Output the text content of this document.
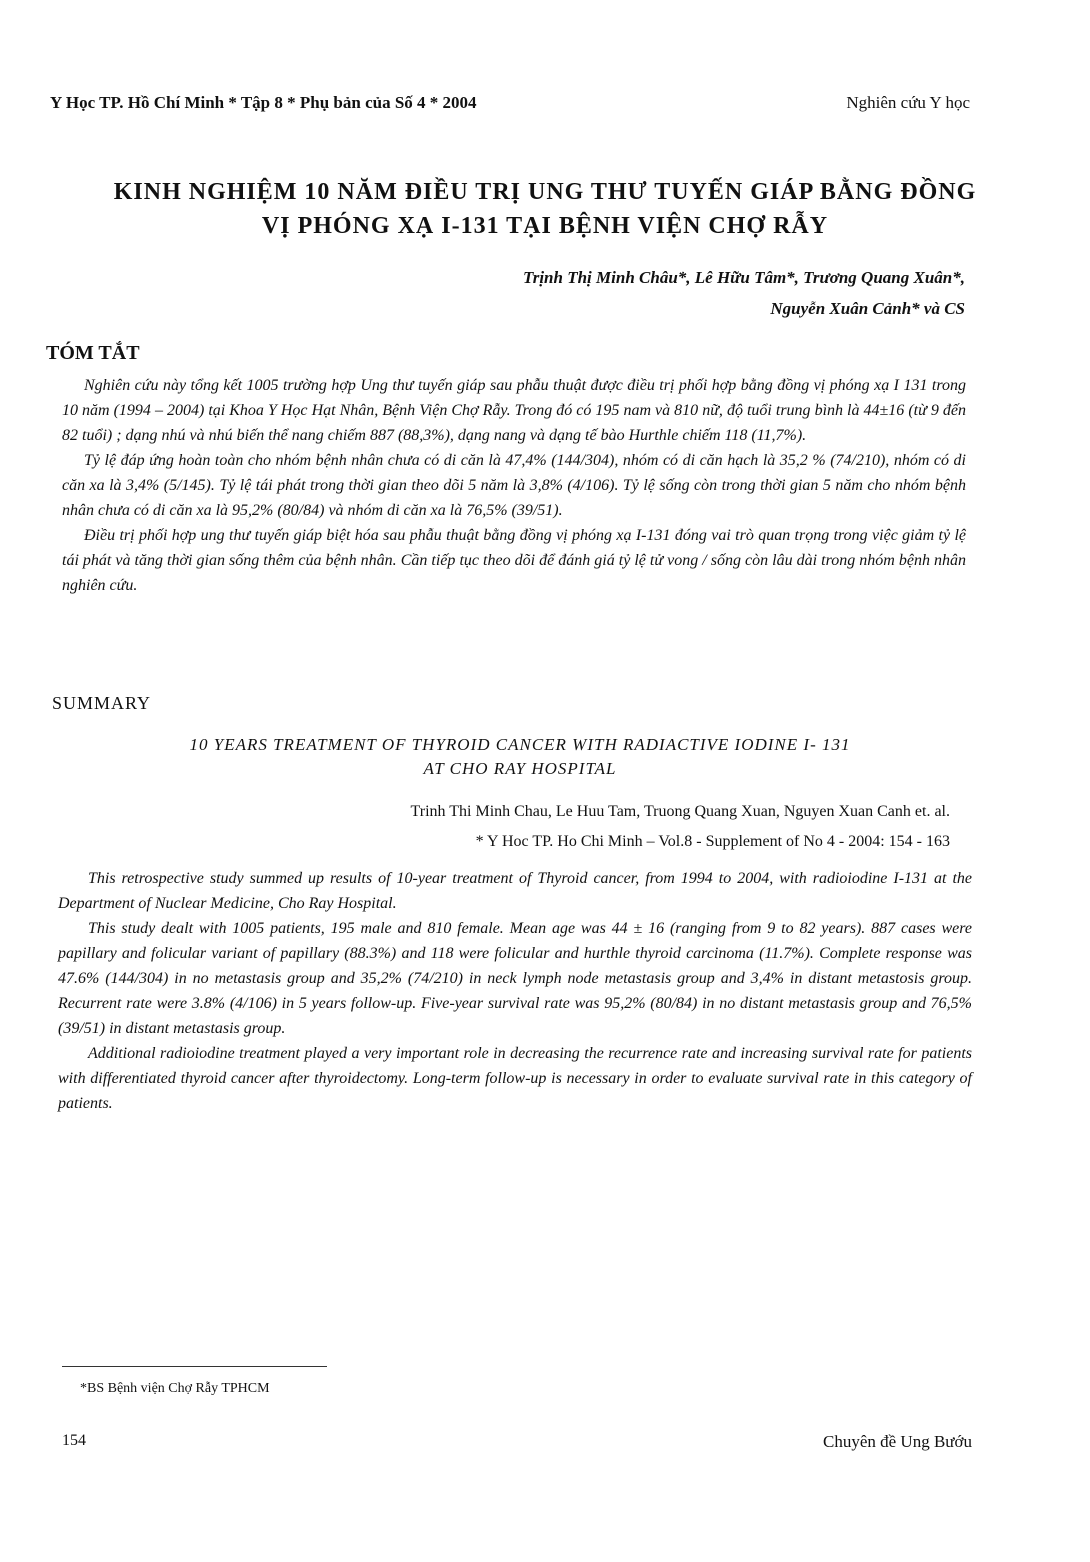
Y Học TP. Hồ Chí Minh * Tập 8 * Phụ bản của Số 4 * 2004	Nghiên cứu Y học
KINH NGHIỆM 10 NĂM ĐIỀU TRỊ UNG THƯ TUYẾN GIÁP BẰNG ĐỒNG
VỊ PHÓNG XẠ I-131 TẠI BỆNH VIỆN CHỢ RẪY
Trịnh Thị Minh Châu*, Lê Hữu Tâm*, Trương Quang Xuân*,
Nguyễn Xuân Cảnh* và CS
TÓM TẮT

Nghiên cứu này tổng kết 1005 trường hợp Ung thư tuyến giáp sau phẫu thuật được điều trị phối hợp bằng đồng vị phóng xạ I 131 trong 10 năm (1994 – 2004) tại Khoa Y Học Hạt Nhân, Bệnh Viện Chợ Rẫy. Trong đó có 195 nam và 810 nữ, độ tuổi trung bình là 44±16 (từ 9 đến 82 tuổi) ; dạng nhú và nhú biến thể nang chiếm 887 (88,3%), dạng nang và dạng tế bào Hurthle chiếm 118 (11,7%).

Tỷ lệ đáp ứng hoàn toàn cho nhóm bệnh nhân chưa có di căn là 47,4% (144/304), nhóm có di căn hạch là 35,2 % (74/210), nhóm có di căn xa là 3,4% (5/145). Tỷ lệ tái phát trong thời gian theo dõi 5 năm là 3,8% (4/106). Tỷ lệ sống còn trong thời gian 5 năm cho nhóm bệnh nhân chưa có di căn xa là 95,2% (80/84) và nhóm di căn xa là 76,5% (39/51).

Điều trị phối hợp ung thư tuyến giáp biệt hóa sau phẫu thuật bằng đồng vị phóng xạ I-131 đóng vai trò quan trọng trong việc giảm tỷ lệ tái phát và tăng thời gian sống thêm của bệnh nhân. Cần tiếp tục theo dõi để đánh giá tỷ lệ tử vong / sống còn lâu dài trong nhóm bệnh nhân nghiên cứu.

SUMMARY
10 YEARS TREATMENT OF THYROID CANCER WITH RADIACTIVE IODINE I- 131
AT CHO RAY HOSPITAL
Trinh Thi Minh Chau, Le Huu Tam, Truong Quang Xuan, Nguyen Xuan Canh et. al.
* Y Hoc TP. Ho Chi Minh – Vol.8 - Supplement of No 4 - 2004: 154 - 163

This retrospective study summed up results of 10-year treatment of Thyroid cancer, from 1994 to 2004, with radioiodine I-131 at the Department of Nuclear Medicine, Cho Ray Hospital.

This study dealt with 1005 patients, 195 male and 810 female. Mean age was 44 ± 16 (ranging from 9 to 82 years). 887 cases were papillary and folicular variant of papillary (88.3%) and 118 were folicular and hurthle thyroid carcinoma (11.7%). Complete response was 47.6% (144/304) in no metastasis group and 35,2% (74/210) in neck lymph node metastasis group and 3,4% in distant metastosis group. Recurrent rate were 3.8% (4/106) in 5 years follow-up. Five-year survival rate was 95,2% (80/84) in no distant metastasis group and 76,5% (39/51) in distant metastasis group.

Additional radioiodine treatment played a very important role in decreasing the recurrence rate and increasing survival rate for patients with differentiated thyroid cancer after thyroidectomy. Long-term follow-up is necessary in order to evaluate survival rate in this category of patients.

*BS Bệnh viện Chợ Rẫy TPHCM
154	Chuyên đề Ung Bướu
